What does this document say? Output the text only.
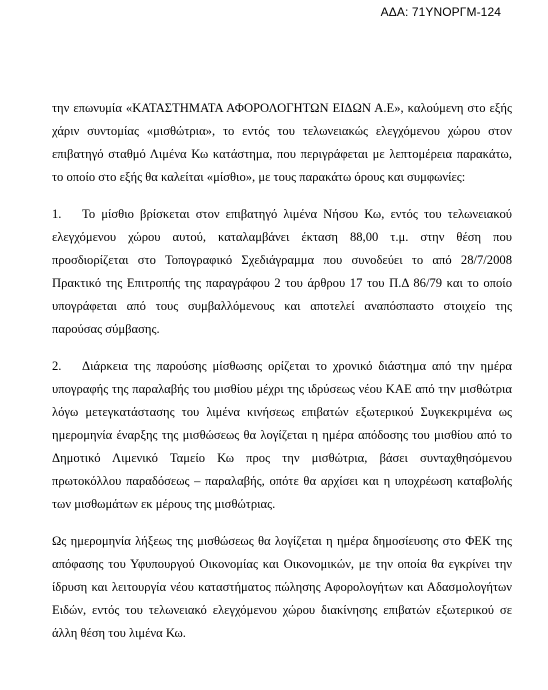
ΑΔΑ: 71ΥΝΟΡΓΜ-124

την επωνυμία «ΚΑΤΑΣΤΗΜΑΤΑ ΑΦΟΡΟΛΟΓΗΤΩΝ ΕΙΔΩΝ Α.Ε», καλούμενη στο εξής χάριν συντομίας «μισθώτρια», το εντός του τελωνειακώς ελεγχόμενου χώρου στον επιβατηγό σταθμό Λιμένα Κω κατάστημα, που περιγράφεται με λεπτομέρεια παρακάτω, το οποίο στο εξής θα καλείται «μίσθιο», με τους παρακάτω όρους και συμφωνίες:

1. Το μίσθιο βρίσκεται στον επιβατηγό λιμένα Νήσου Κω, εντός του τελωνειακού ελεγχόμενου χώρου αυτού, καταλαμβάνει έκταση 88,00 τ.μ. στην θέση που προσδιορίζεται στο Τοπογραφικό Σχεδιάγραμμα που συνοδεύει το από 28/7/2008 Πρακτικό της Επιτροπής της παραγράφου 2 του άρθρου 17 του Π.Δ 86/79 και το οποίο υπογράφεται από τους συμβαλλόμενους και αποτελεί αναπόσπαστο στοιχείο της παρούσας σύμβασης.

2. Διάρκεια της παρούσης μίσθωσης ορίζεται το χρονικό διάστημα από την ημέρα υπογραφής της παραλαβής του μισθίου μέχρι της ιδρύσεως νέου ΚΑΕ από την μισθώτρια λόγω μετεγκατάστασης του λιμένα κινήσεως επιβατών εξωτερικού Συγκεκριμένα ως ημερομηνία έναρξης της μισθώσεως θα λογίζεται η ημέρα απόδοσης του μισθίου από το Δημοτικό Λιμενικό Ταμείο Κω προς την μισθώτρια, βάσει συνταχθησόμενου πρωτοκόλλου παραδόσεως – παραλαβής, οπότε θα αρχίσει και η υποχρέωση καταβολής των μισθωμάτων εκ μέρους της μισθώτριας.

Ως ημερομηνία λήξεως της μισθώσεως θα λογίζεται η ημέρα δημοσίευσης στο ΦΕΚ της απόφασης του Υφυπουργού Οικονομίας και Οικονομικών, με την οποία θα εγκρίνει την ίδρυση και λειτουργία νέου καταστήματος πώλησης Αφορολογήτων και Αδασμολογήτων Ειδών, εντός του τελωνειακό ελεγχόμενου χώρου διακίνησης επιβατών εξωτερικού σε άλλη θέση του λιμένα Κω.
